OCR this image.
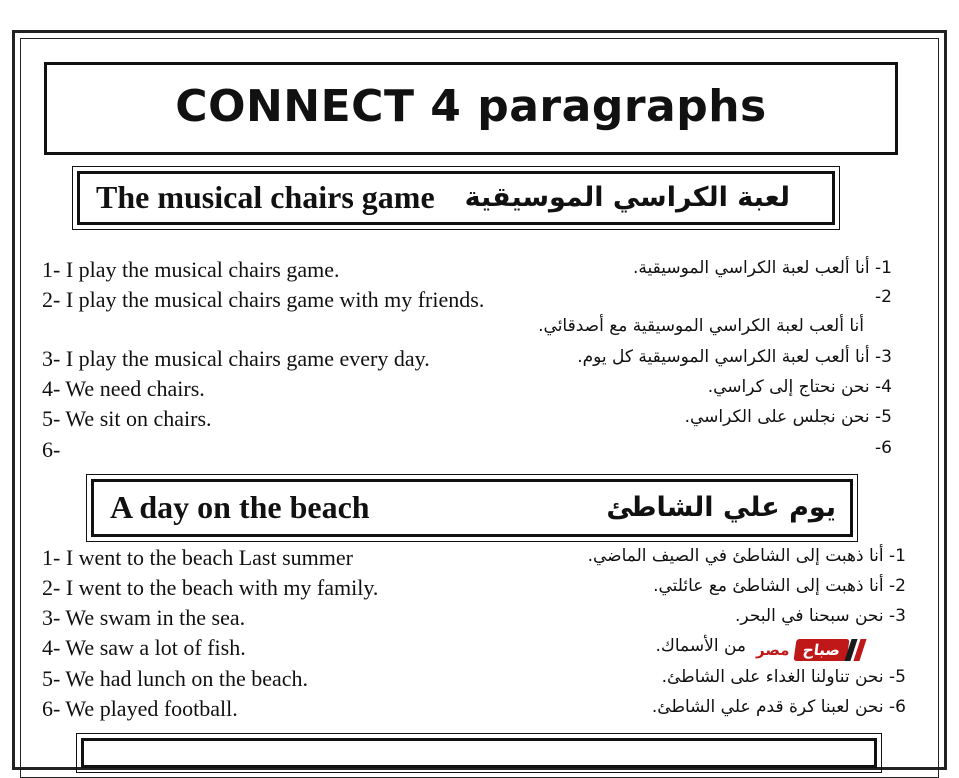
CONNECT 4 paragraphs
The musical chairs game لعبة الكراسي الموسيقية
1- I play the musical chairs game.
2- I play the musical chairs game with my friends.
3- I play the musical chairs game every day.
4- We need chairs.
5- We sit on chairs.
6-
1- أنا ألعب لعبة الكراسي الموسيقية.
2-
أنا ألعب لعبة الكراسي الموسيقية مع أصدقائي.
3- أنا ألعب لعبة الكراسي الموسيقية كل يوم.
4- نحن نحتاج إلى كراسي.
5- نحن نجلس على الكراسي.
6-
A day on the beach	يوم علي الشاطئ
1- I went to the beach Last summer
2- I went to the beach with my family.
3- We swam in the sea.
4- We saw a lot of fish.
5- We had lunch on the beach.
6- We played football.
1- أنا ذهبت إلى الشاطئ في الصيف الماضي.
2- أنا ذهبت إلى الشاطئ مع عائلتي.
3- نحن سبحنا في البحر.
من الأسماك.
5- نحن تناولنا الغداء على الشاطئ.
6- نحن لعبنا كرة قدم علي الشاطئ.
مصر صباح
